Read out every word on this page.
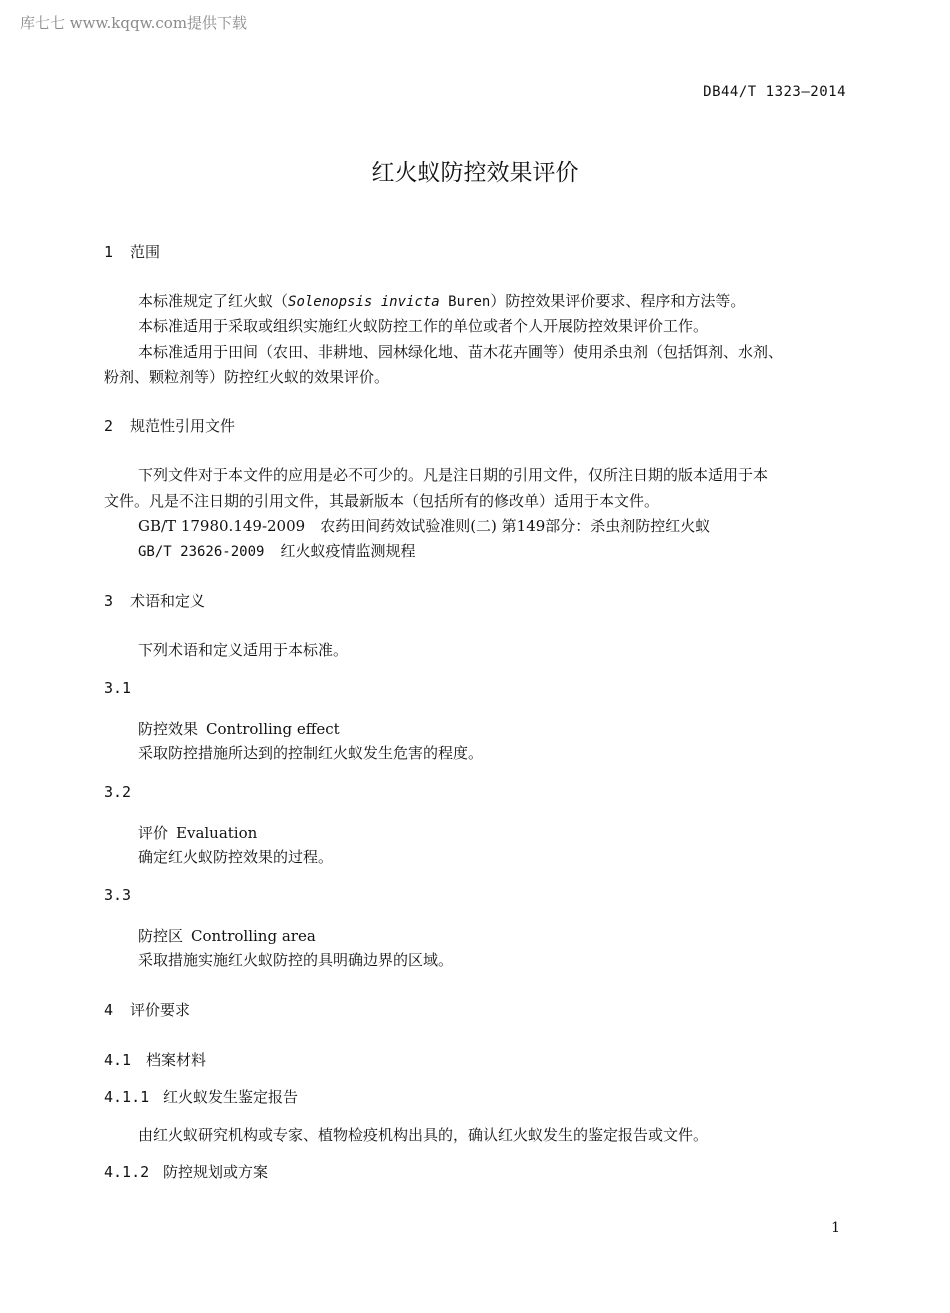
库七七 www.kqqw.com提供下载
DB44/T 1323—2014
红火蚁防控效果评价
1 范围
本标准规定了红火蚁（Solenopsis invicta Buren）防控效果评价要求、程序和方法等。
本标准适用于采取或组织实施红火蚁防控工作的单位或者个人开展防控效果评价工作。
本标准适用于田间（农田、非耕地、园林绿化地、苗木花卉圃等）使用杀虫剂（包括饵剂、水剂、
粉剂、颗粒剂等）防控红火蚁的效果评价。
2 规范性引用文件
下列文件对于本文件的应用是必不可少的。凡是注日期的引用文件，仅所注日期的版本适用于本
文件。凡是不注日期的引用文件，其最新版本（包括所有的修改单）适用于本文件。
GB/T 17980.149-2009　农药田间药效试验准则(二) 第149部分：杀虫剂防控红火蚁
GB/T 23626-2009 红火蚁疫情监测规程
3 术语和定义
下列术语和定义适用于本标准。
3.1
防控效果 Controlling effect
采取防控措施所达到的控制红火蚁发生危害的程度。
3.2
评价 Evaluation
确定红火蚁防控效果的过程。
3.3
防控区 Controlling area
采取措施实施红火蚁防控的具明确边界的区域。
4 评价要求
4.1 档案材料
4.1.1 红火蚁发生鉴定报告
由红火蚁研究机构或专家、植物检疫机构出具的，确认红火蚁发生的鉴定报告或文件。
4.1.2 防控规划或方案
1
